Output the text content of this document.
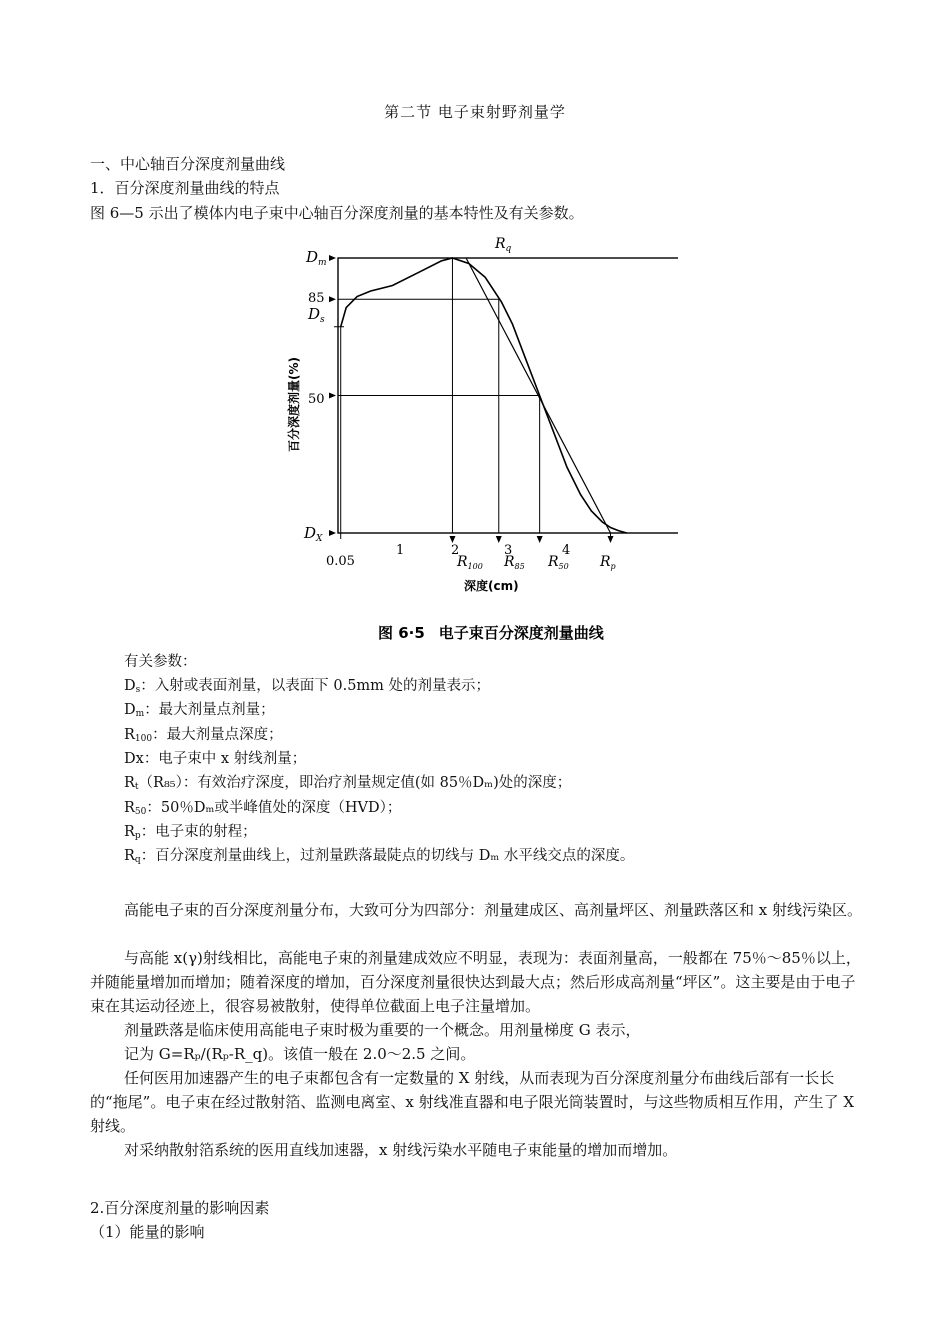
第二节 电子束射野剂量学
一、中心轴百分深度剂量曲线
1．百分深度剂量曲线的特点
图 6—5 示出了模体内电子束中心轴百分深度剂量的基本特性及有关参数。
$D_m$
85
$D_s$
50
$D_X$
百分深度剂量(%)
0.05
1	2	3	4
$R_q$
$R_{100}$ $R_{85}$ $R_{50}$ $R_p$
深度(cm)
图 6·5 电子束百分深度剂量曲线
有关参数：
$D_s$：入射或表面剂量，以表面下 0.5mm 处的剂量表示；
$D_m$：最大剂量点剂量；
$R_{100}$：最大剂量点深度；
Dx：电子束中 x 射线剂量；
$R_t(R_{85})$：有效治疗深度，即治疗剂量规定值(如 85％Dₘ)处的深度；
$R_{50}$：50％Dₘ或半峰值处的深度（HVD）；
$R_p$：电子束的射程；
$R_q$：百分深度剂量曲线上，过剂量跌落最陡点的切线与 Dₘ 水平线交点的深度。
高能电子束的百分深度剂量分布，大致可分为四部分：剂量建成区、高剂量坪区、剂量跌落区和 x 射线污染区。
与高能 x(γ)射线相比，高能电子束的剂量建成效应不明显，表现为：表面剂量高，一般都在 75％～85％以上，并随能量增加而增加；随着深度的增加，百分深度剂量很快达到最大点；然后形成高剂量“坪区”。这主要是由于电子束在其运动径迹上，很容易被散射，使得单位截面上电子注量增加。
剂量跌落是临床使用高能电子束时极为重要的一个概念。用剂量梯度 G 表示，
记为 G=Rₚ/(Rₚ-R_q)。该值一般在 2.0～2.5 之间。
任何医用加速器产生的电子束都包含有一定数量的 X 射线，从而表现为百分深度剂量分布曲线后部有一长长的“拖尾”。电子束在经过散射箔、监测电离室、x 射线准直器和电子限光筒装置时，与这些物质相互作用，产生了 X 射线。
对采纳散射箔系统的医用直线加速器，x 射线污染水平随电子束能量的增加而增加。
2.百分深度剂量的影响因素
（1）能量的影响
